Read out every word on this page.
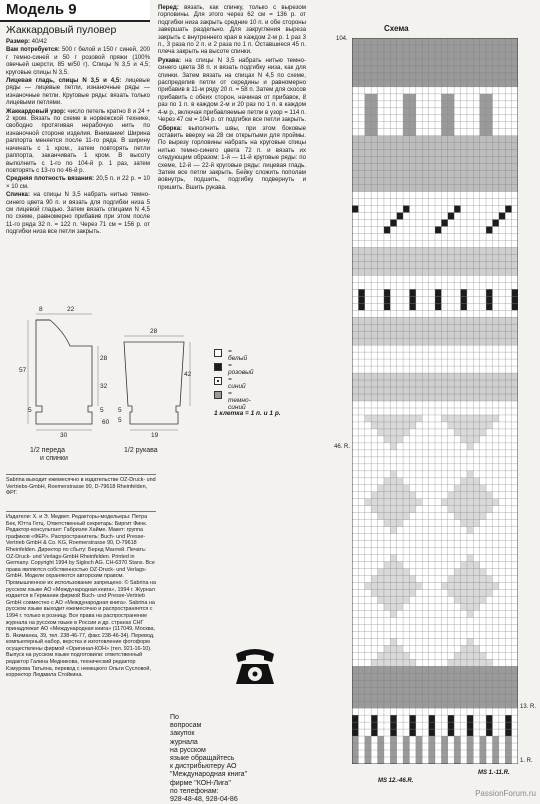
Модель 9
Жаккардовый пуловер

Размер: 40/42

Вам потребуется: 500 г белой и 150 г синей, 200 г темно-синей и 50 г розовой пряжи (100% овечьей шерсти, 85 м/50 г). Спицы N 3,5 и 4,5; круговые спицы N 3,5.

Лицевая гладь, спицы N 3,5 и 4,5: лицевые ряды — лицевые петли, изнаночные ряды — изнаночные петли. Круговые ряды: вязать только лицевыми петлями.

Жаккардовый узор: число петель кратно 8 и 24 + 2 кром. Вязать по схеме в норвежской технике, свободно протягивая нерабочую нить по изнаночной стороне изделия. Внимание! Ширина раппорта меняется после 11-го ряда. В ширину начинать с 1 кром., затем повторять петли раппорта, заканчивать 1 кром. В высоту выполнить с 1-го по 104-й р. 1 раз, затем повторять с 13-го по 46-й р.

Средняя плотность вязания: 20,5 п. и 22 р. = 10 × 10 см.

Спинка: на спицы N 3,5 набрать нитью темно-синего цвета 90 п. и вязать для подгибки низа 5 см лицевой гладью. Затем вязать спицами N 4,5 по схеме, равномерно прибавив при этом после 11-го ряда 32 п. = 122 п. Через 71 см = 156 р. от подгибки низа все петли закрыть.

Перед: вязать, как спинку, только с вырезом горловины. Для этого через 62 см = 136 р. от подгибки низа закрыть средние 10 п. и обе стороны завершать раздельно. Для закругления выреза закрыть с внутреннего края в каждом 2-м р. 1 раз 3 п., 3 раза по 2 п. и 2 раза по 1 п. Оставшиеся 45 п. плеча закрыть на высоте спинки.

Рукава: на спицы N 3,5 набрать нитью темно-синего цвета 38 п. и вязать подгибку низа, как для спинки. Затем вязать на спицах N 4,5 по схеме, распределив петли от середины и равномерно прибавив в 11-м ряду 20 п. = 58 п. Затем для скосов прибавить с обеих сторон, начиная от прибавок, 8 раз по 1 п. в каждом 2-м и 20 раз по 1 п. в каждом 4-м р., включая прибавляемые петли в узор = 114 п. Через 47 см = 104 р. от подгибки все петли закрыть.

Сборка: выполнить швы, при этом боковые оставить вверху на 28 см открытыми для проймы. По вырезу горловины набрать на круговые спицы нитью темно-синего цвета 72 п. и вязать их следующим образом: 1-й — 11-й круговые ряды: по схеме, 12-й — 22-й круговые ряды: лицевая гладь. Затем все петли закрыть. Бейку сложить пополам вовнутрь, подшить, подгибку подвернуть и пришить. Вшить рукава.

8	22
57
28
32
5
5
30
60
28
42
5
5
19
1/2 переда
и спинки
1/2 рукава
= белый
= розовый
= синий
= темно-синий
1 клетка = 1 п. и 1 р.
Схема
104.
46. R.
13. R.
1. R.
MS 12.-46.R.
MS 1.-11.R.
Sabrina выходит ежемесячно в издательстве OZ-Druck- und Vertriebs-GmbH, Roemerstrasse 90, D-79618 Rheinfelden, ФРГ.
Издатели: Х. и Э. Медвет. Редакторы-модельеры: Петра Бек, Ютта Гетц. Ответственный секретарь: Биргит Финк. Редактор-консультант: Габриэле Хайме. Макет: группа графиков «ФЕР». Распространитель: Buch- und Presse-Vertrieb GmbH & Co. KG, Roemerstrasse 90, D-79618 Rheinfelden. Директор по сбыту: Бернд Мантей. Печать: OZ-Druck- und Verlags-GmbH Rheinfelden. Printed in Germany. Copyright 1994 by Sigloch AG. CH-6370 Stans. Все права являются собственностью OZ-Druck- und Verlags-GmbH. Модели охраняются авторским правом. Промышленное их использование запрещено. © Sabrina на русском языке АО «Международная книга», 1994 г. Журнал издается в Германии фирмой Buch- und Presse-Vertrieb GmbH совместно с АО «Международная книга». Sabrina на русском языке выходит ежемесячно и распространяется с 1994 г. только в розницу. Все права на распространение журнала на русском языке в России и др. странах СНГ принадлежат АО «Международная книга» (117049, Москва, Б. Якиманка, 39, тел. 238-46-77, факс 238-46-34). Перевод, компьютерный набор, верстка и изготовление фотоформ осуществлены фирмой «Оригинал-КОН» (тел. 921-16-10). Выпуск на русском языке подготовили: ответственный редактор Галина Медникова, технический редактор Кэмурова Татьяна, перевод с немецкого Ольги Сусловой, корректор Людмила Стойкина.
По
вопросам
закупок
журнала
на русском
языке обращайтесь
к дистрибьютеру АО
"Международная книга"
фирме "КОН-Лига"
по телефонам:
928-48-48, 928-04-86
PassionForum.ru
